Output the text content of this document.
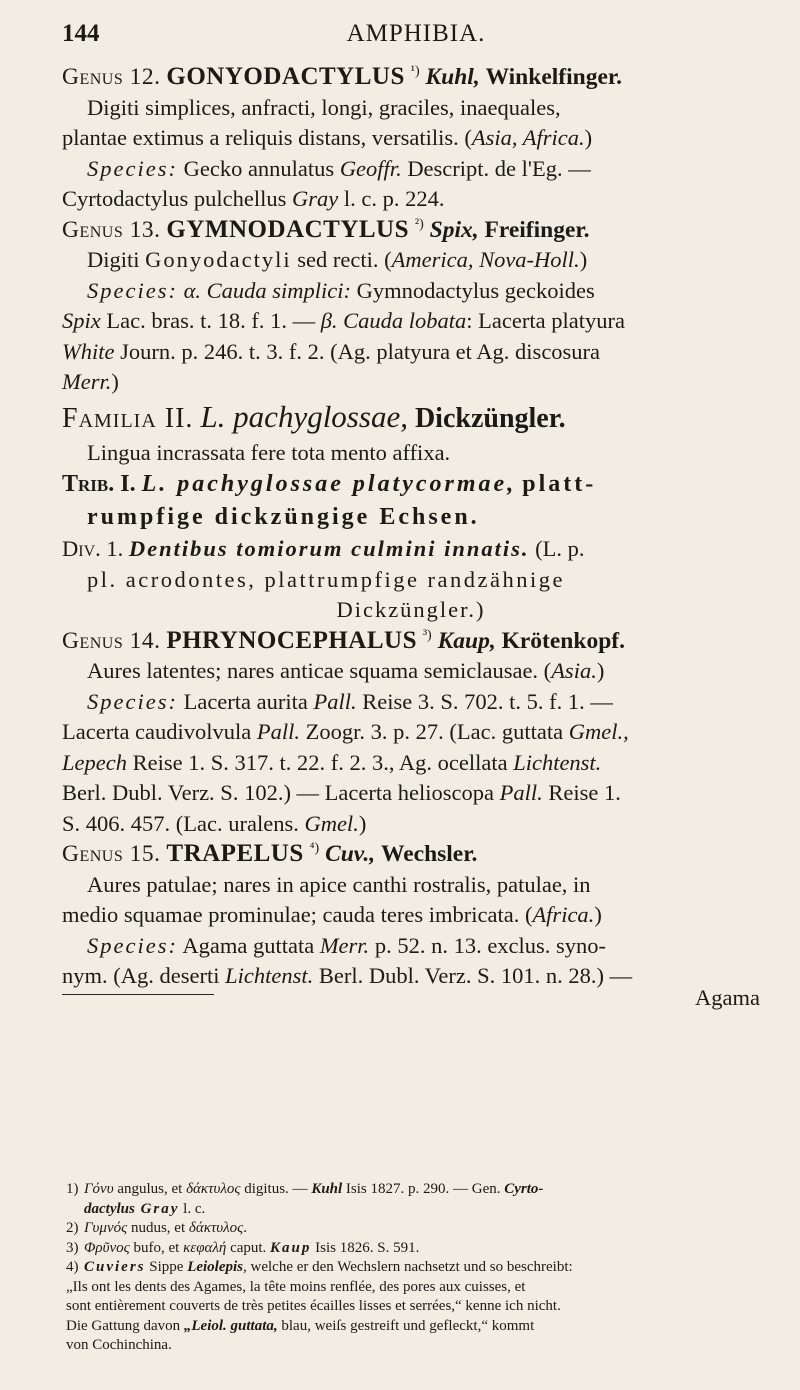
144	AMPHIBIA.

Genus 12. GONYODACTYLUS $^{^1)}$ Kuhl, Winkelfinger.

Digiti simplices, anfracti, longi, graciles, inaequales,

plantae extimus a reliquis distans, versatilis. (Asia, Africa.)

Species: Gecko annulatus Geoffr. Descript. de l'Eg. —

Cyrtodactylus pulchellus Gray l. c. p. 224.

Genus 13. GYMNODACTYLUS $^{^2)}$ Spix, Freifinger.

Digiti Gonyodactyli sed recti. (America, Nova-Holl.)

Species: α. Cauda simplici: Gymnodactylus geckoides

Spix Lac. bras. t. 18. f. 1. — β. Cauda lobata: Lacerta platyura

White Journ. p. 246. t. 3. f. 2. (Ag. platyura et Ag. discosura

Merr.)

Familia II. L. pachyglossae, Dickzüngler.

Lingua incrassata fere tota mento affixa.

Trib. I. L. pachyglossae platycormae, platt-

rumpfige dickzüngige Echsen.

Div. 1. Dentibus tomiorum culmini innatis. (L. p.

pl. acrodontes, plattrumpfige randzähnige

Dickzüngler.)

Genus 14. PHRYNOCEPHALUS $^{^3)}$ Kaup, Krötenkopf.

Aures latentes; nares anticae squama semiclausae. (Asia.)

Species: Lacerta aurita Pall. Reise 3. S. 702. t. 5. f. 1. —

Lacerta caudivolvula Pall. Zoogr. 3. p. 27. (Lac. guttata Gmel.,

Lepech Reise 1. S. 317. t. 22. f. 2. 3., Ag. ocellata Lichtenst.

Berl. Dubl. Verz. S. 102.) — Lacerta helioscopa Pall. Reise 1.

S. 406. 457. (Lac. uralens. Gmel.)

Genus 15. TRAPELUS $^{^4)}$ Cuv., Wechsler.

Aures patulae; nares in apice canthi rostralis, patulae, in

medio squamae prominulae; cauda teres imbricata. (Africa.)

Species: Agama guttata Merr. p. 52. n. 13. exclus. syno-

nym. (Ag. deserti Lichtenst. Berl. Dubl. Verz. S. 101. n. 28.) —

Agama

1) Γόνυ angulus, et δάκτυλος digitus. — Kuhl Isis 1827. p. 290. — Gen. Cyrto-

dactylus Gray l. c.

2) Γυμνός nudus, et δάκτυλος.

3) Φρῦνος bufo, et κεφαλή caput. Kaup Isis 1826. S. 591.

4) Cuviers Sippe Leiolepis, welche er den Wechslern nachsetzt und so beschreibt:

„Ils ont les dents des Agames, la tête moins renflée, des pores aux cuisses, et

sont entièrement couverts de très petites écailles lisses et serrées,“ kenne ich nicht.

Die Gattung davon „Leiol. guttata, blau, weiſs gestreift und gefleckt,“ kommt

von Cochinchina.
